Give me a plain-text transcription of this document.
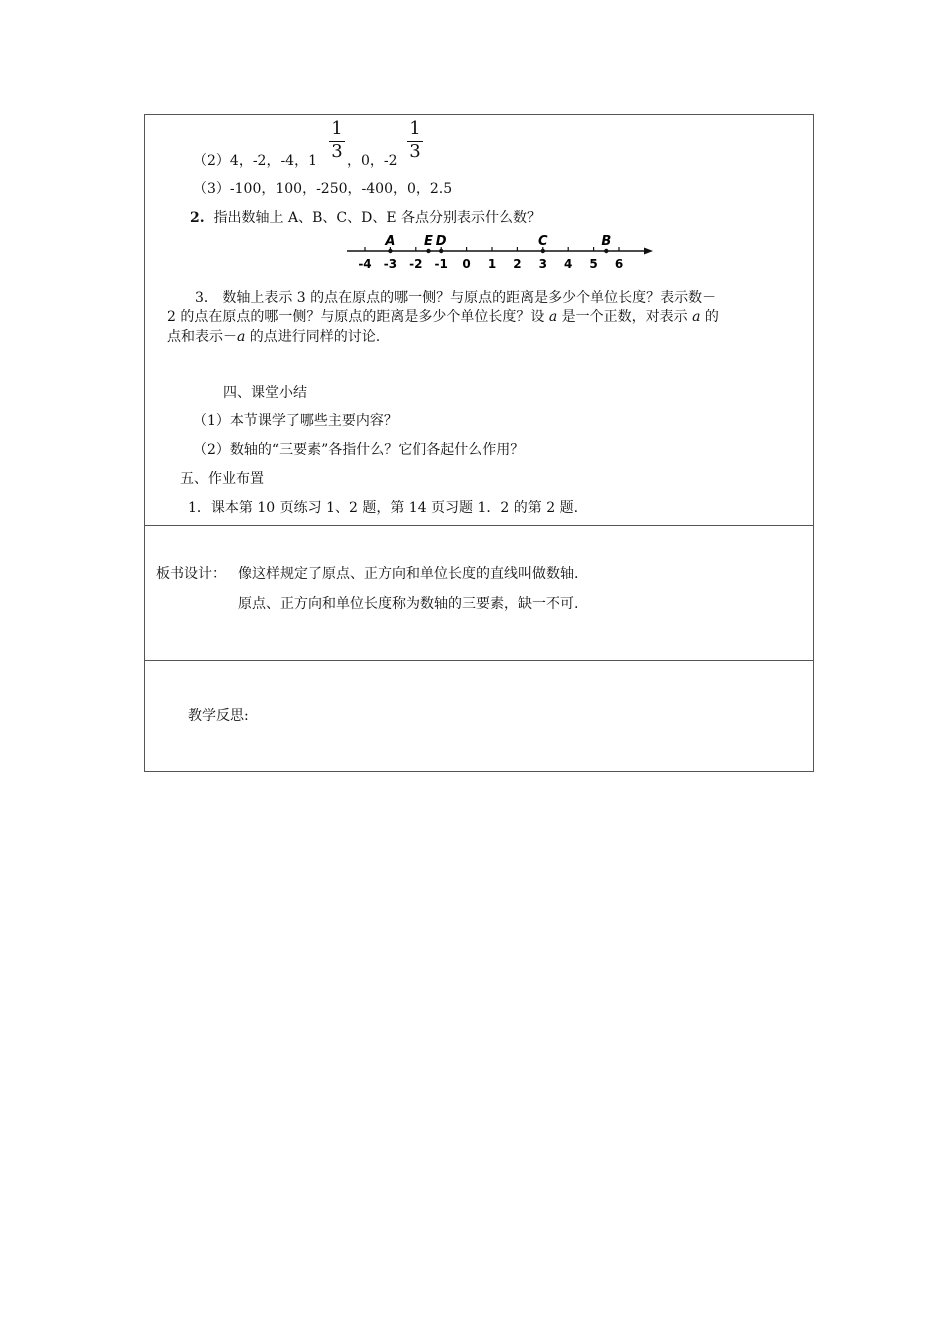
（2）4，-2，-4，$1 \frac{1}{3}$ ，0，$-2 \frac{1}{3}$
（3）-100，100，-250，-400，0，2.5
2. 指出数轴上 A、B、C、D、E 各点分别表示什么数？
-4 -3 -2 -1 0 1 2 3 4 5 6
A E D	C	B
3． 数轴上表示 3 的点在原点的哪一侧？与原点的距离是多少个单位长度？表示数－
2 的点在原点的哪一侧？与原点的距离是多少个单位长度？设 a 是一个正数，对表示 a 的
点和表示－a 的点进行同样的讨论.
四、课堂小结
（1）本节课学了哪些主要内容？
（2）数轴的“三要素”各指什么？它们各起什么作用？
五、作业布置
1．课本第 10 页练习 1、2 题，第 14 页习题 1．2 的第 2 题.
板书设计： 像这样规定了原点、正方向和单位长度的直线叫做数轴.
原点、正方向和单位长度称为数轴的三要素，缺一不可.
教学反思:
